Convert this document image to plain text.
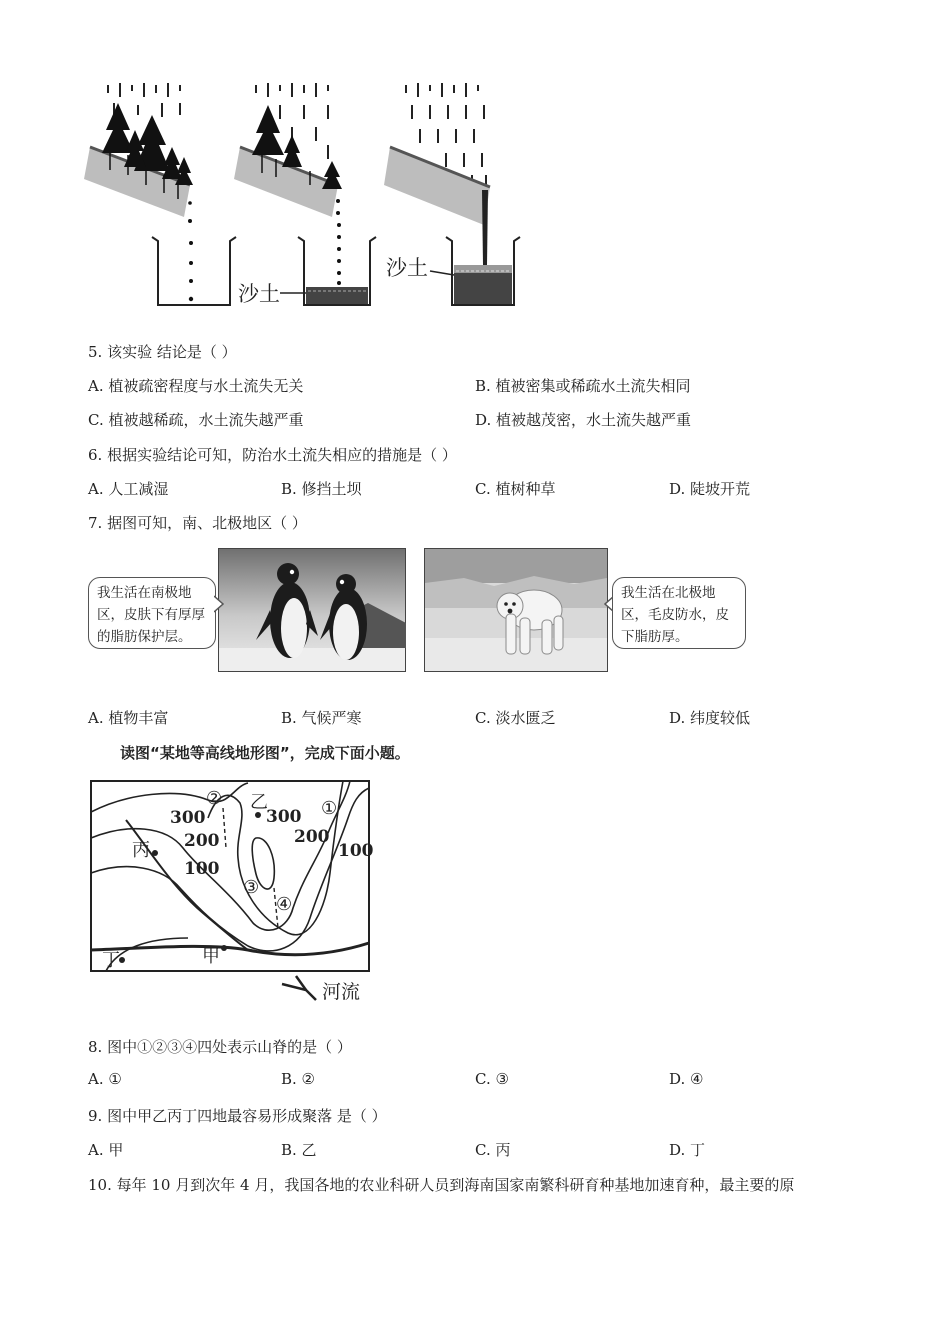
沙土
沙土
5. 该实验 结论是（ ）
A. 植被疏密程度与水土流失无关	B. 植被密集或稀疏水土流失相同
C. 植被越稀疏，水土流失越严重	D. 植被越茂密，水土流失越严重
6. 根据实验结论可知，防治水土流失相应的措施是（ ）
A. 人工减湿	B. 修挡土坝	C. 植树种草	D. 陡坡开荒
7. 据图可知，南、北极地区（ ）
我生活在南极地区，皮肤下有厚厚的脂肪保护层。
我生活在北极地区，毛皮防水，皮下脂肪厚。
A. 植物丰富	B. 气候严寒	C. 淡水匮乏	D. 纬度较低
读图“某地等高线地形图”，完成下面小题。
300
200
100
300
200
100
①
②
③
④
乙
丙
甲
丁
河流
8. 图中①②③④四处表示山脊的是（ ）
A. ①	B. ②	C. ③	D. ④
9. 图中甲乙丙丁四地最容易形成聚落 是（ ）
A. 甲	B. 乙	C. 丙	D. 丁
10. 每年 10 月到次年 4 月，我国各地的农业科研人员到海南国家南繁科研育种基地加速育种，最主要的原
